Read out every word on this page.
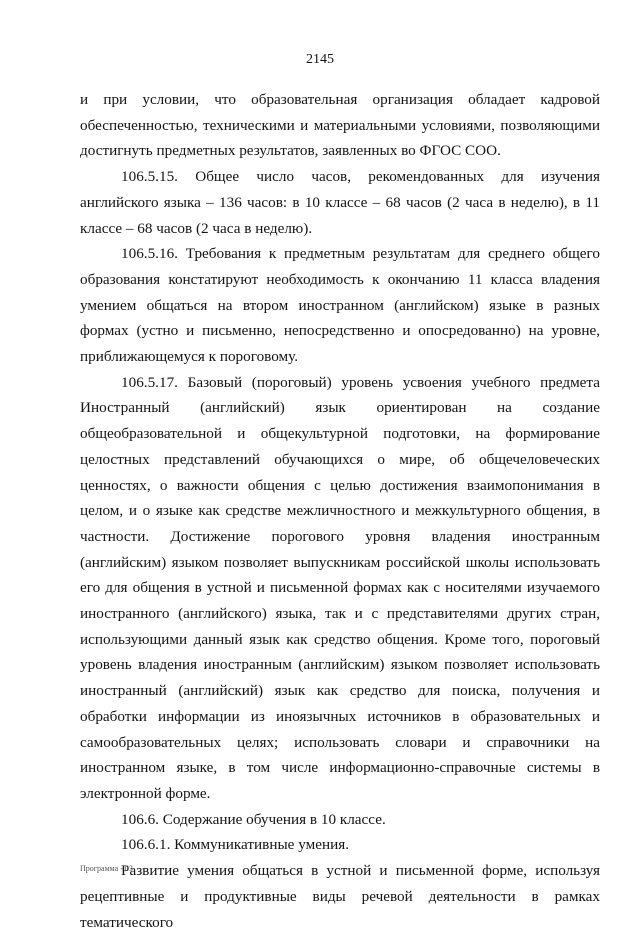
2145

и при условии, что образовательная организация обладает кадровой обеспеченностью, техническими и материальными условиями, позволяющими достигнуть предметных результатов, заявленных во ФГОС СОО.

106.5.15. Общее число часов, рекомендованных для изучения английского языка – 136 часов: в 10 классе – 68 часов (2 часа в неделю), в 11 классе – 68 часов (2 часа в неделю).

106.5.16. Требования к предметным результатам для среднего общего образования констатируют необходимость к окончанию 11 класса владения умением общаться на втором иностранном (английском) языке в разных формах (устно и письменно, непосредственно и опосредованно) на уровне, приближающемуся к пороговому.

106.5.17. Базовый (пороговый) уровень усвоения учебного предмета Иностранный (английский) язык ориентирован на создание общеобразовательной и общекультурной подготовки, на формирование целостных представлений обучающихся о мире, об общечеловеческих ценностях, о важности общения с целью достижения взаимопонимания в целом, и о языке как средстве межличностного и межкультурного общения, в частности. Достижение порогового уровня владения иностранным (английским) языком позволяет выпускникам российской школы использовать его для общения в устной и письменной формах как с носителями изучаемого иностранного (английского) языка, так и с представителями других стран, использующими данный язык как средство общения. Кроме того, пороговый уровень владения иностранным (английским) языком позволяет использовать иностранный (английский) язык как средство для поиска, получения и обработки информации из иноязычных источников в образовательных и самообразовательных целях; использовать словари и справочники на иностранном языке, в том числе информационно-справочные системы в электронной форме.

106.6. Содержание обучения в 10 классе.

106.6.1. Коммуникативные умения.

Развитие умения общаться в устной и письменной форме, используя рецептивные и продуктивные виды речевой деятельности в рамках тематического

Программа - 03
